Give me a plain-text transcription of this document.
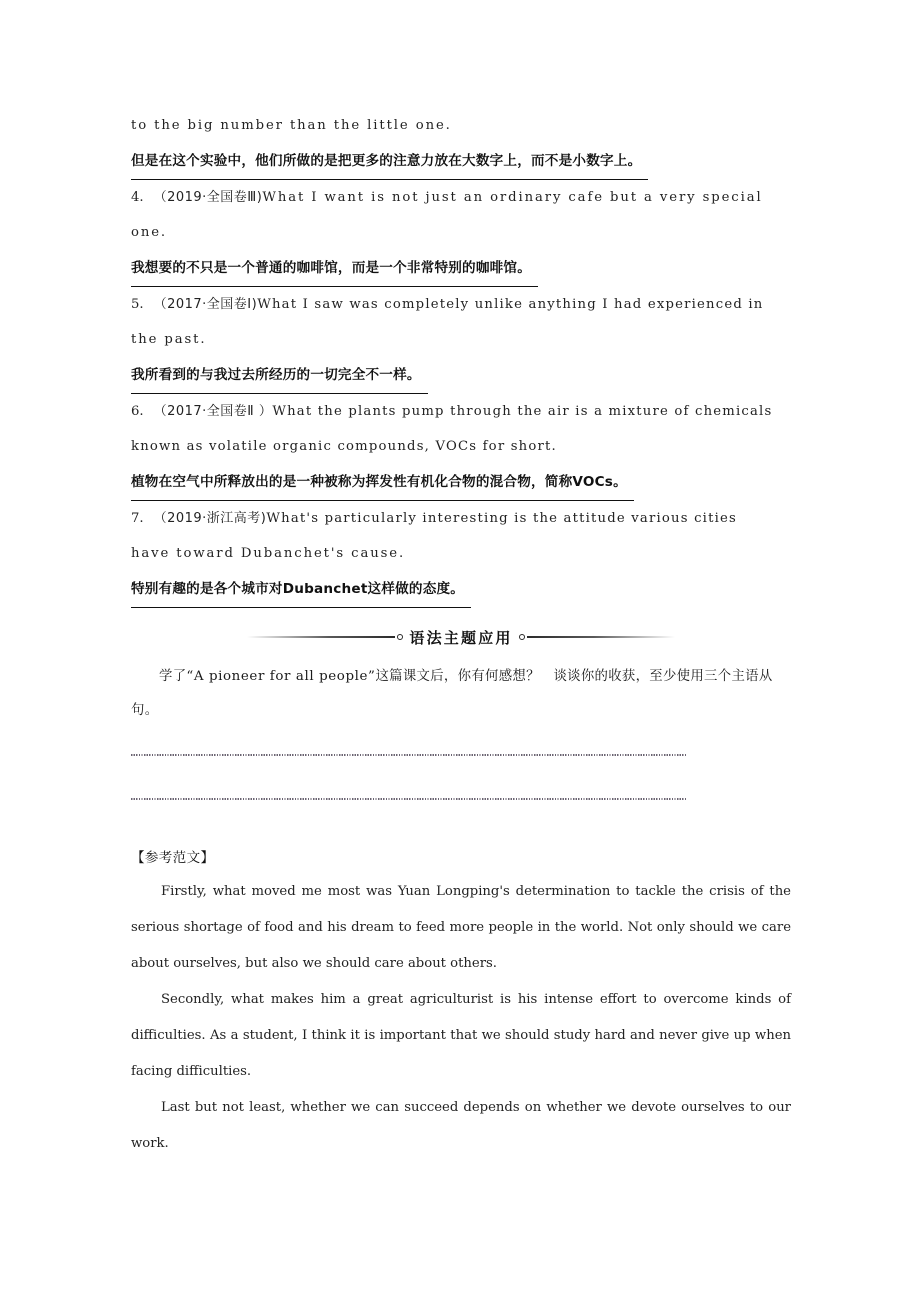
to the big number than the little one.
但是在这个实验中，他们所做的是把更多的注意力放在大数字上，而不是小数字上。
4. （2019·全国卷Ⅲ)What I want is not just an ordinary cafe but a very special
one.
我想要的不只是一个普通的咖啡馆，而是一个非常特别的咖啡馆。
5. （2017·全国卷Ⅰ)What I saw was completely unlike anything I had experienced in
the past.
我所看到的与我过去所经历的一切完全不一样。
6. （2017·全国卷Ⅱ ）What the plants pump through the air is a mixture of chemicals
known as volatile organic compounds, VOCs for short.
植物在空气中所释放出的是一种被称为挥发性有机化合物的混合物，简称VOCs。
7. （2019·浙江高考)What's particularly interesting is the attitude various cities
have toward Dubanchet's cause.
特别有趣的是各个城市对Dubanchet这样做的态度。
语法主题应用
学了“A pioneer for all people”这篇课文后，你有何感想？　谈谈你的收获，至少使用三个主语从句。
【参考范文】
Firstly, what moved me most was Yuan Longping's determination to tackle the crisis of the serious shortage of food and his dream to feed more people in the world. Not only should we care about ourselves, but also we should care about others.
Secondly, what makes him a great agriculturist is his intense effort to overcome kinds of difficulties. As a student, I think it is important that we should study hard and never give up when facing difficulties.
Last but not least, whether we can succeed depends on whether we devote ourselves to our work.
